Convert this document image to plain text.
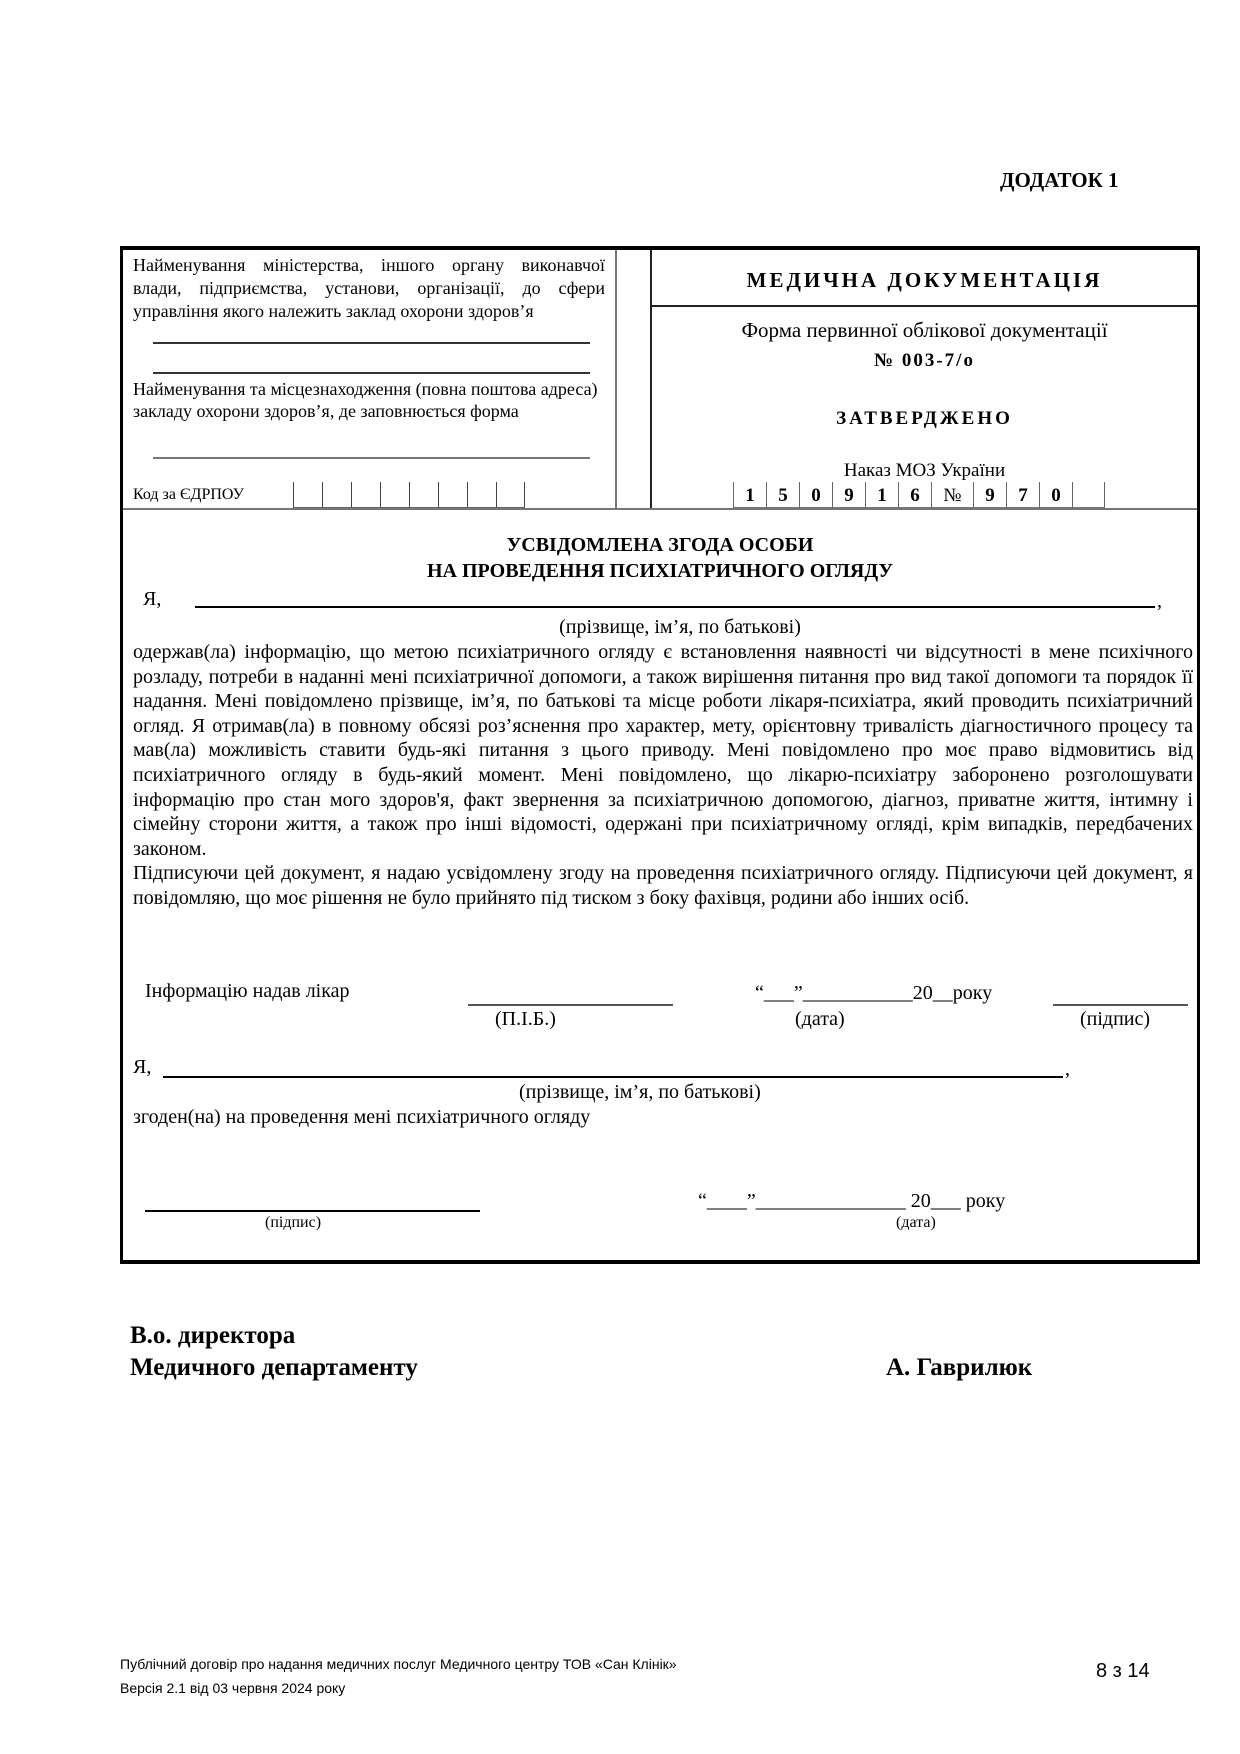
ДОДАТОК 1
Найменування міністерства, іншого органу виконавчої влади, підприємства, установи, організації, до сфери управління якого належить заклад охорони здоров’я
Найменування та місцезнаходження (повна поштова адреса) закладу охорони здоров’я, де заповнюється форма
Код за ЄДРПОУ
МЕДИЧНА ДОКУМЕНТАЦІЯ
Форма первинної облікової документації
№ 003-7/о
ЗАТВЕРДЖЕНО
Наказ МОЗ України
1	5	0	9	1	6	№	9	7	0
УСВІДОМЛЕНА ЗГОДА ОСОБИ
НА ПРОВЕДЕННЯ ПСИХІАТРИЧНОГО ОГЛЯДУ
Я,	,
(прізвище, ім’я, по батькові)

одержав(ла) інформацію, що метою психіатричного огляду є встановлення наявності чи відсутності в мене психічного розладу, потреби в наданні мені психіатричної допомоги, а також вирішення питання про вид такої допомоги та порядок її надання. Мені повідомлено прізвище, ім’я, по батькові та місце роботи лікаря-психіатра, який проводить психіатричний огляд. Я отримав(ла) в повному обсязі роз’яснення про характер, мету, орієнтовну тривалість діагностичного процесу та мав(ла) можливість ставити будь-які питання з цього приводу. Мені повідомлено про моє право відмовитись від психіатричного огляду в будь-який момент. Мені повідомлено, що лікарю-психіатру заборонено розголошувати інформацію про стан мого здоров'я, факт звернення за психіатричною допомогою, діагноз, приватне життя, інтимну і сімейну сторони життя, а також про інші відомості, одержані при психіатричному огляді, крім випадків, передбачених законом.

Підписуючи цей документ, я надаю усвідомлену згоду на проведення психіатричного огляду. Підписуючи цей документ, я повідомляю, що моє рішення не було прийнято під тиском з боку фахівця, родини або інших осіб.

Інформацію надав лікар
(П.І.Б.)
“___”___________20__року
(дата)	(підпис)
Я,	,
(прізвище, ім’я, по батькові)
згоден(на) на проведення мені психіатричного огляду
(підпис)
“____”_______________ 20___ року
(дата)
В.о. директора
Медичного департаменту	А. Гаврилюк
Публічний договір про надання медичних послуг Медичного центру ТОВ «Сан Клінік»
Версія 2.1 від 03 червня 2024 року
8 з 14
